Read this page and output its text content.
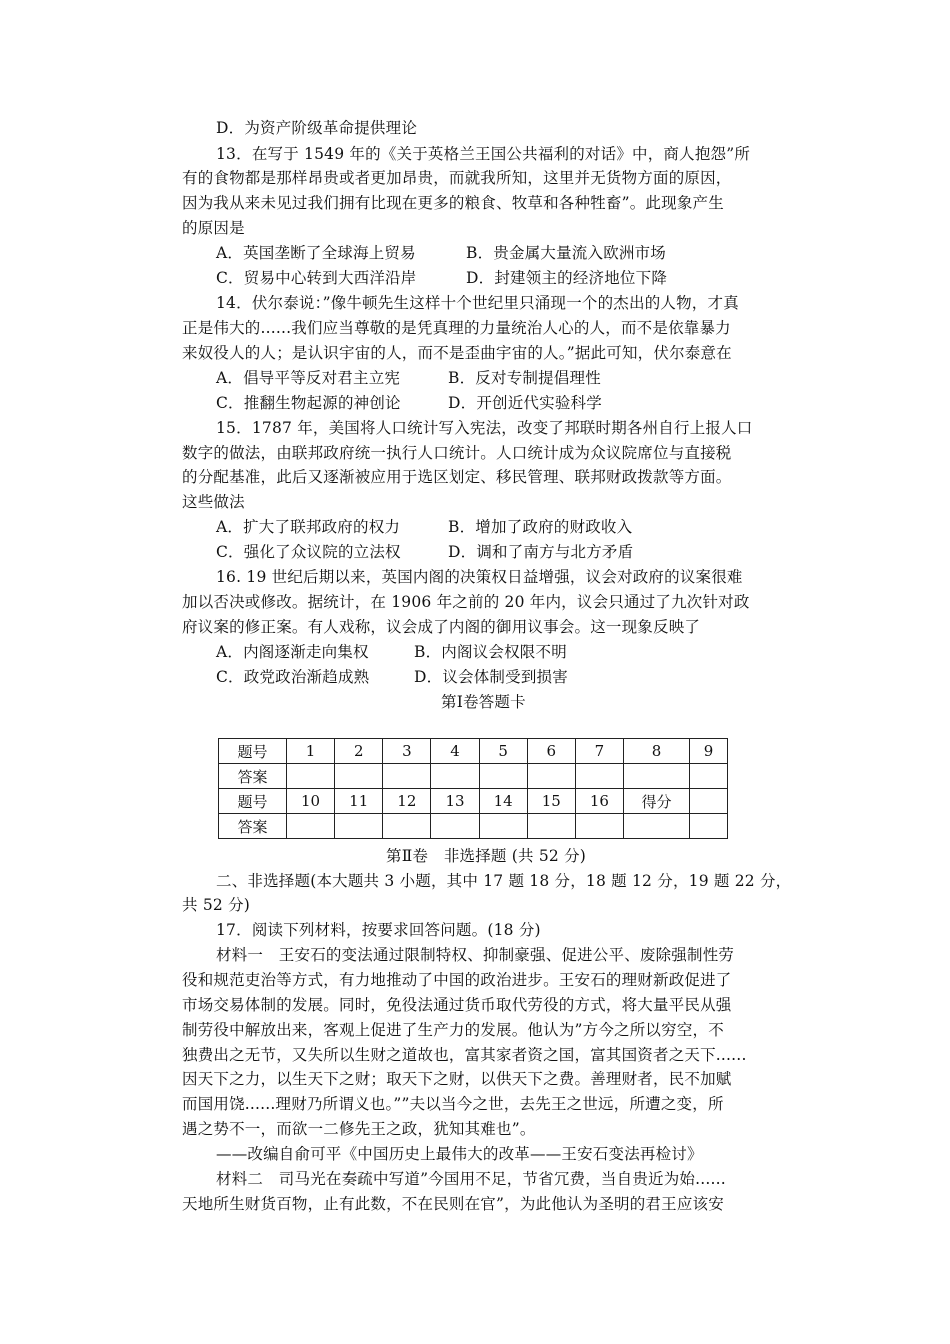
D．为资产阶级革命提供理论
13．在写于 1549 年的《关于英格兰王国公共福利的对话》中，商人抱怨”所
有的食物都是那样昂贵或者更加昂贵，而就我所知，这里并无货物方面的原因，
因为我从来未见过我们拥有比现在更多的粮食、牧草和各种牲畜”。此现象产生
的原因是
A．英国垄断了全球海上贸易	B．贵金属大量流入欧洲市场
C．贸易中心转到大西洋沿岸	D．封建领主的经济地位下降
14．伏尔泰说：”像牛顿先生这样十个世纪里只涌现一个的杰出的人物，才真
正是伟大的......我们应当尊敬的是凭真理的力量统治人心的人，而不是依靠暴力
来奴役人的人；是认识宇宙的人，而不是歪曲宇宙的人。”据此可知，伏尔泰意在
A．倡导平等反对君主立宪	B．反对专制提倡理性
C．推翻生物起源的神创论	D．开创近代实验科学
15．1787 年，美国将人口统计写入宪法，改变了邦联时期各州自行上报人口
数字的做法，由联邦政府统一执行人口统计。人口统计成为众议院席位与直接税
的分配基准，此后又逐渐被应用于选区划定、移民管理、联邦财政拨款等方面。
这些做法
A．扩大了联邦政府的权力	B．增加了政府的财政收入
C．强化了众议院的立法权	D．调和了南方与北方矛盾
16. 19 世纪后期以来，英国内阁的决策权日益增强，议会对政府的议案很难
加以否决或修改。据统计，在 1906 年之前的 20 年内，议会只通过了九次针对政
府议案的修正案。有人戏称，议会成了内阁的御用议事会。这一现象反映了
A．内阁逐渐走向集权	B．内阁议会权限不明
C．政党政治渐趋成熟	D．议会体制受到损害
第Ⅰ卷答题卡
题号	1	2	3	4	5	6	7	8	9
答案									
题号	10	11	12	13	14	15	16	得分	
答案									
第Ⅱ卷　非选择题 (共 52 分)
二、非选择题(本大题共 3 小题，其中 17 题 18 分，18 题 12 分，19 题 22 分，
共 52 分)
17．阅读下列材料，按要求回答问题。(18 分)
材料一　王安石的变法通过限制特权、抑制豪强、促进公平、废除强制性劳
役和规范吏治等方式，有力地推动了中国的政治进步。王安石的理财新政促进了
市场交易体制的发展。同时，免役法通过货币取代劳役的方式，将大量平民从强
制劳役中解放出来，客观上促进了生产力的发展。他认为”方今之所以穷空，不
独费出之无节，又失所以生财之道故也，富其家者资之国，富其国资者之天下......
因天下之力，以生天下之财；取天下之财，以供天下之费。善理财者，民不加赋
而国用饶......理财乃所谓义也。””夫以当今之世，去先王之世远，所遭之变，所
遇之势不一，而欲一二修先王之政，犹知其难也”。
——改编自俞可平《中国历史上最伟大的改革——王安石变法再检讨》
材料二　司马光在奏疏中写道”今国用不足，节省冗费，当自贵近为始......
天地所生财货百物，止有此数，不在民则在官”，为此他认为圣明的君王应该安
